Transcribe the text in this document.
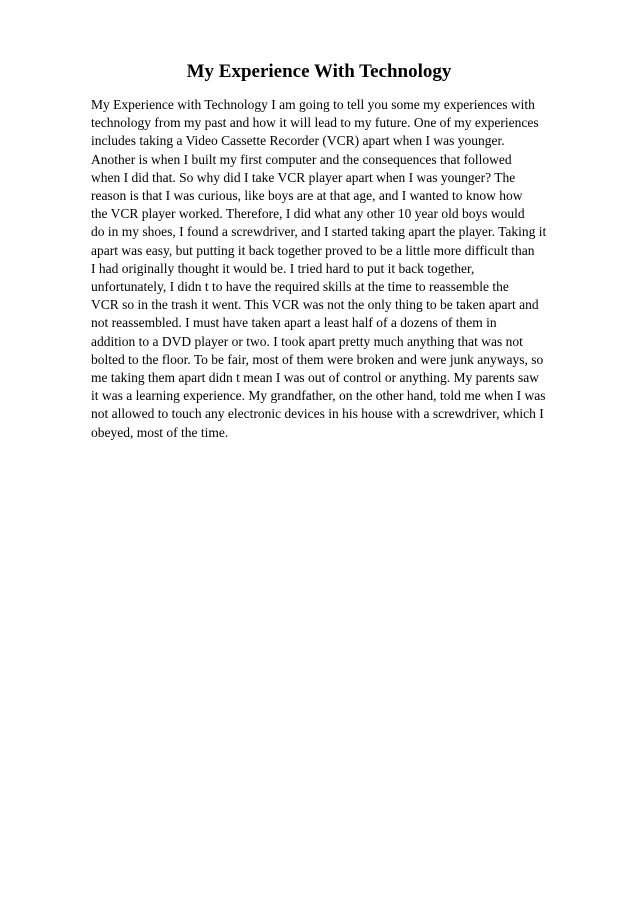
My Experience With Technology
My Experience with Technology I am going to tell you some my experiences with
technology from my past and how it will lead to my future. One of my experiences
includes taking a Video Cassette Recorder (VCR) apart when I was younger.
Another is when I built my first computer and the consequences that followed
when I did that. So why did I take VCR player apart when I was younger? The
reason is that I was curious, like boys are at that age, and I wanted to know how
the VCR player worked. Therefore, I did what any other 10 year old boys would
do in my shoes, I found a screwdriver, and I started taking apart the player. Taking it
apart was easy, but putting it back together proved to be a little more difficult than
I had originally thought it would be. I tried hard to put it back together,
unfortunately, I didn t to have the required skills at the time to reassemble the
VCR so in the trash it went. This VCR was not the only thing to be taken apart and
not reassembled. I must have taken apart a least half of a dozens of them in
addition to a DVD player or two. I took apart pretty much anything that was not
bolted to the floor. To be fair, most of them were broken and were junk anyways, so
me taking them apart didn t mean I was out of control or anything. My parents saw
it was a learning experience. My grandfather, on the other hand, told me when I was
not allowed to touch any electronic devices in his house with a screwdriver, which I
obeyed, most of the time.
